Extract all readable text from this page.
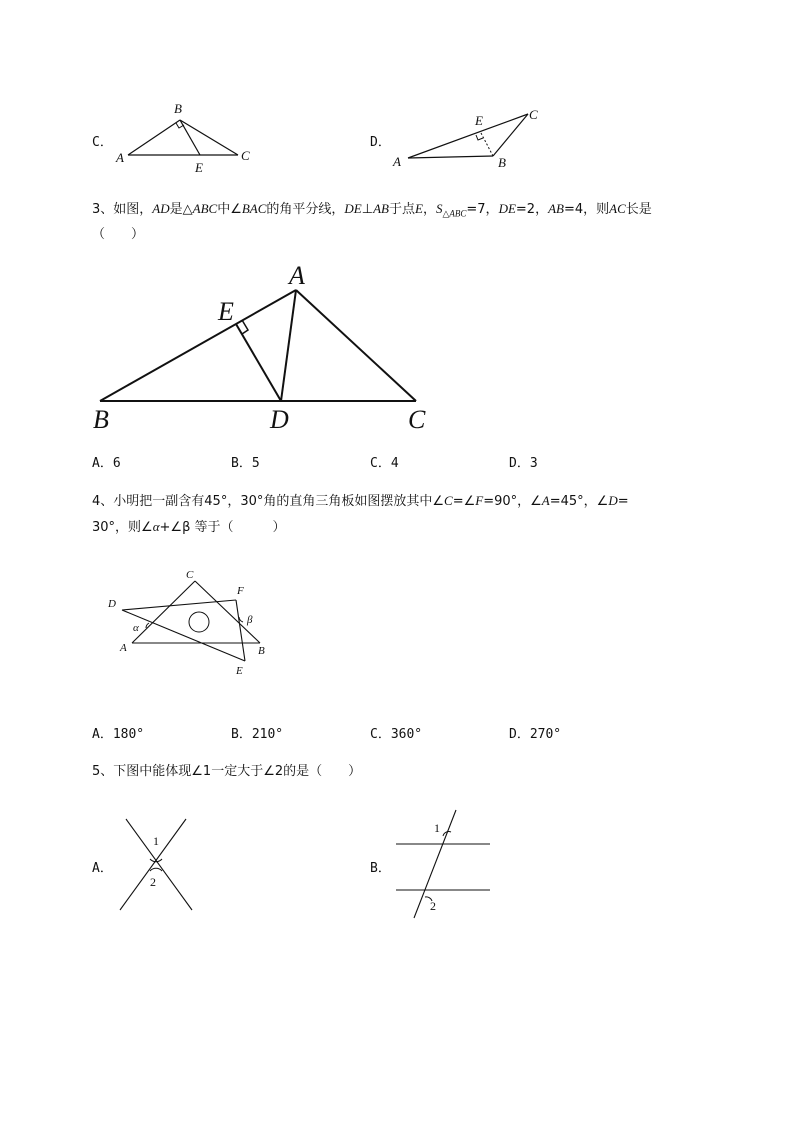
C．
A
B
C
E
D．
A	B
C
E
3、如图，AD是△ABC中∠BAC的角平分线，DE⊥AB于点E，$S_{\triangle ABC}=7$，DE=2，AB=4，则AC长是
（　　）
A
B	C
D
E
A．6	B．5	C．4	D．3
4、小明把一副含有45°，30°角的直角三角板如图摆放其中∠C=∠F=90°，∠A=45°，∠D=
30°，则∠α+∠β 等于（　　　）
A	B
C
D
E
F
α
β
A．180°	B．210°	C．360°	D．270°
5、下图中能体现∠1一定大于∠2的是（　　）
A．
1
2
B．
1
2
